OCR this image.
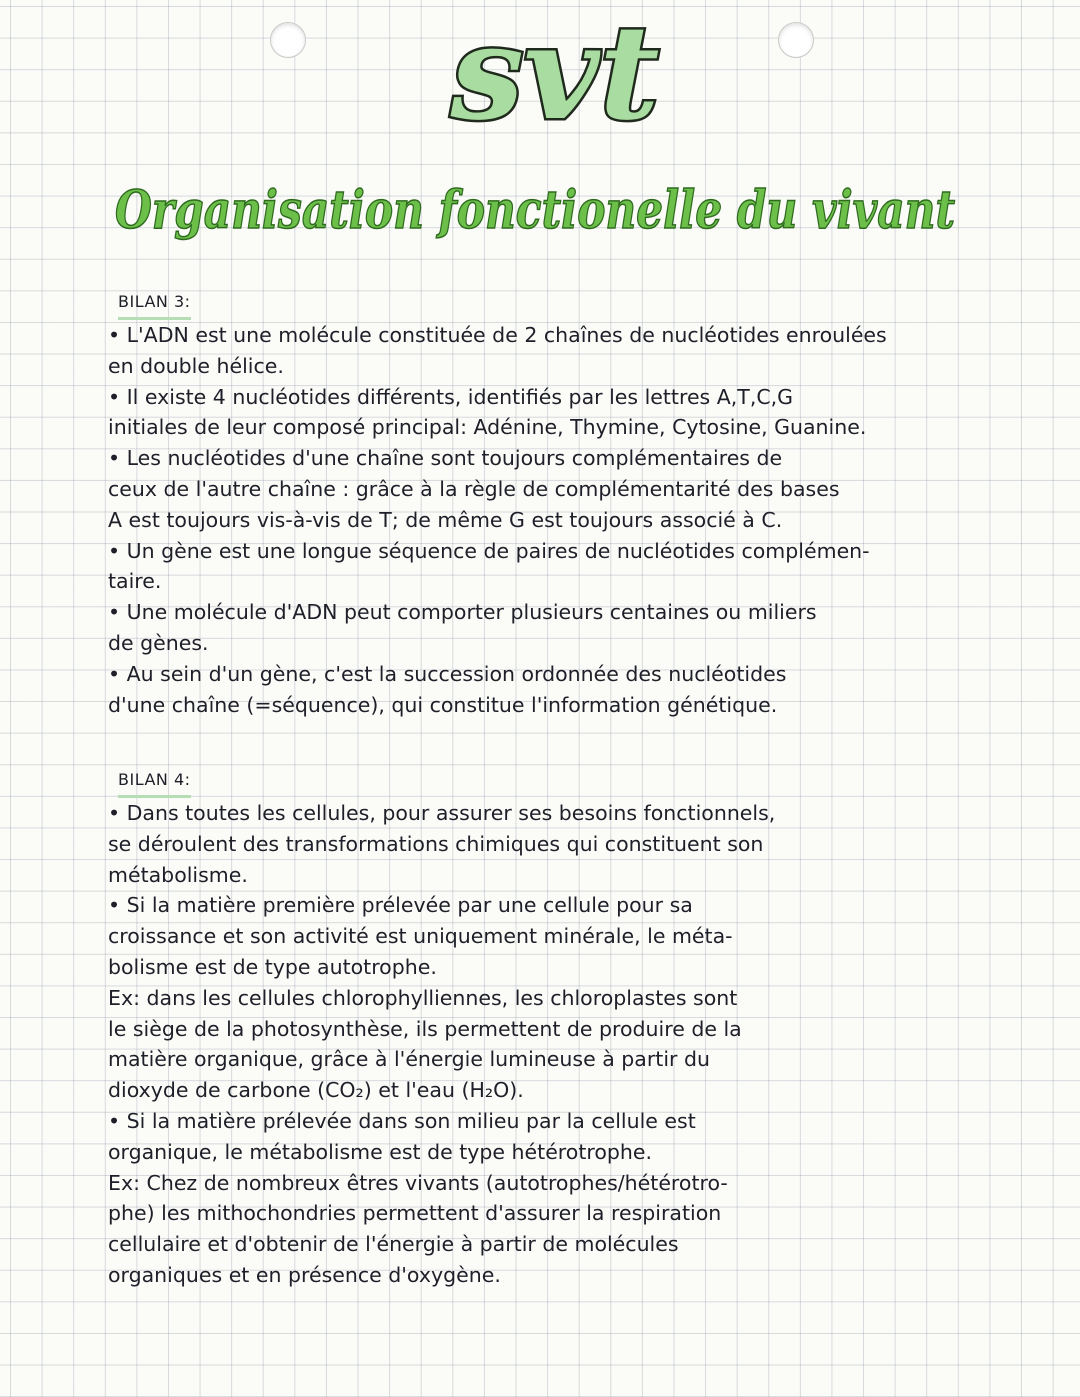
svt
Organisation fonctionelle du vivant
BILAN 3:
• L'ADN est une molécule constituée de 2 chaînes de nucléotides enroulées
en double hélice.
• Il existe 4 nucléotides différents, identifiés par les lettres A,T,C,G
initiales de leur composé principal: Adénine, Thymine, Cytosine, Guanine.
• Les nucléotides d'une chaîne sont toujours complémentaires de
ceux de l'autre chaîne : grâce à la règle de complémentarité des bases
A est toujours vis-à-vis de T; de même G est toujours associé à C.
• Un gène est une longue séquence de paires de nucléotides complémen-
taire.
• Une molécule d'ADN peut comporter plusieurs centaines ou miliers
de gènes.
• Au sein d'un gène, c'est la succession ordonnée des nucléotides
d'une chaîne (=séquence), qui constitue l'information génétique.
BILAN 4:
• Dans toutes les cellules, pour assurer ses besoins fonctionnels,
se déroulent des transformations chimiques qui constituent son
métabolisme.
• Si la matière première prélevée par une cellule pour sa
croissance et son activité est uniquement minérale, le méta-
bolisme est de type autotrophe.
Ex: dans les cellules chlorophylliennes, les chloroplastes sont
le siège de la photosynthèse, ils permettent de produire de la
matière organique, grâce à l'énergie lumineuse à partir du
dioxyde de carbone (CO₂) et l'eau (H₂O).
• Si la matière prélevée dans son milieu par la cellule est
organique, le métabolisme est de type hétérotrophe.
Ex: Chez de nombreux êtres vivants (autotrophes/hétérotro-
phe) les mithochondries permettent d'assurer la respiration
cellulaire et d'obtenir de l'énergie à partir de molécules
organiques et en présence d'oxygène.
